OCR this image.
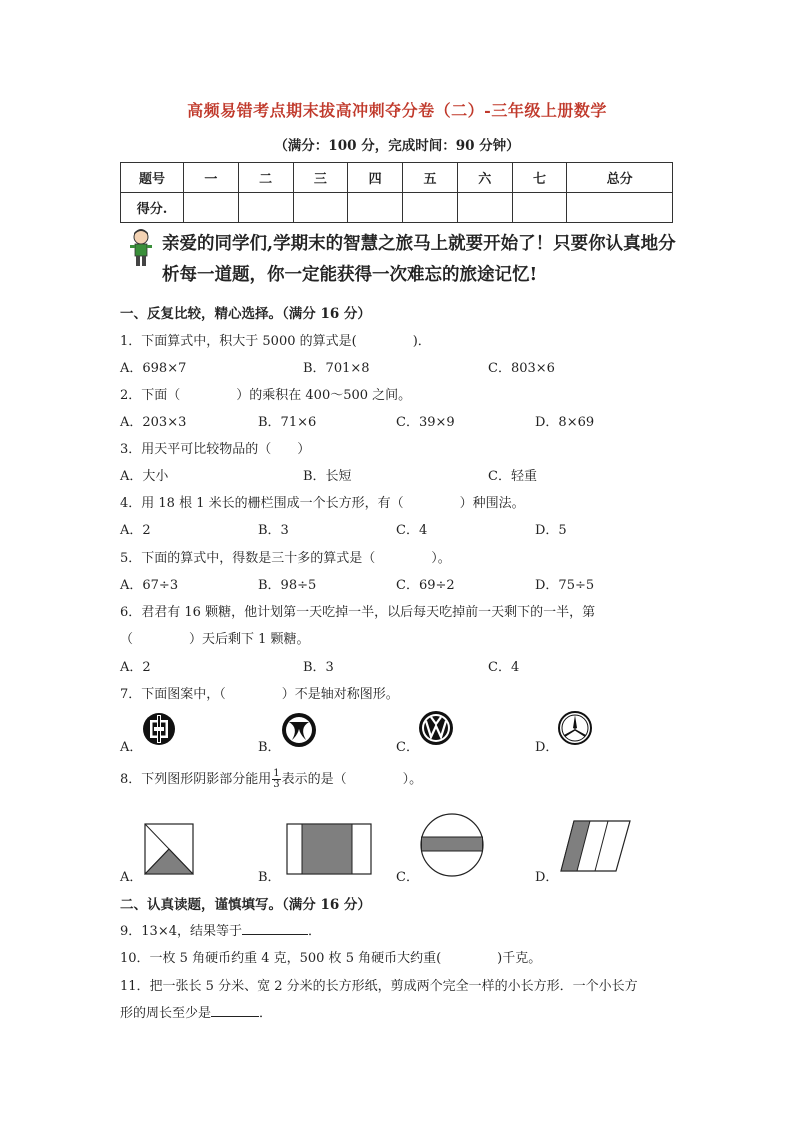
高频易错考点期末拔高冲刺夺分卷（二）-三年级上册数学
（满分：100 分，完成时间：90 分钟）
题号	一	二	三	四	五	六	七	总分
得分.								
亲爱的同学们,学期末的智慧之旅马上就要开始了！只要你认真地分析每一道题，你一定能获得一次难忘的旅途记忆!
一、反复比较，精心选择。（满分 16 分）
1．下面算式中，积大于 5000 的算式是(	)．
A．698×7	B．701×8	C．803×6
2．下面（	）的乘积在 400～500 之间。
A．203×3	B．71×6	C．39×9	D．8×69
3．用天平可比较物品的（　　）
A．大小	B．长短	C．轻重
4．用 18 根 1 米长的栅栏围成一个长方形，有（	）种围法。
A．2	B．3	C．4	D．5
5．下面的算式中，得数是三十多的算式是（	）。
A．67÷3	B．98÷5	C．69÷2	D．75÷5
6．君君有 16 颗糖，他计划第一天吃掉一半，以后每天吃掉前一天剩下的一半，第
（	）天后剩下 1 颗糖。
A．2	B．3	C．4
7．下面图案中，（	）不是轴对称图形。
A．	B．	C．	D．
8．下列图形阴影部分能用 $\frac{1}{3}$表示的是（	）。
A．	B．	C．	D．
二、认真读题，谨慎填写。（满分 16 分）
9．13×4，结果等于	．
10．一枚 5 角硬币约重 4 克，500 枚 5 角硬币大约重(	)千克。
11．把一张长 5 分米、宽 2 分米的长方形纸，剪成两个完全一样的小长方形．一个小长方
形的周长至少是	．
